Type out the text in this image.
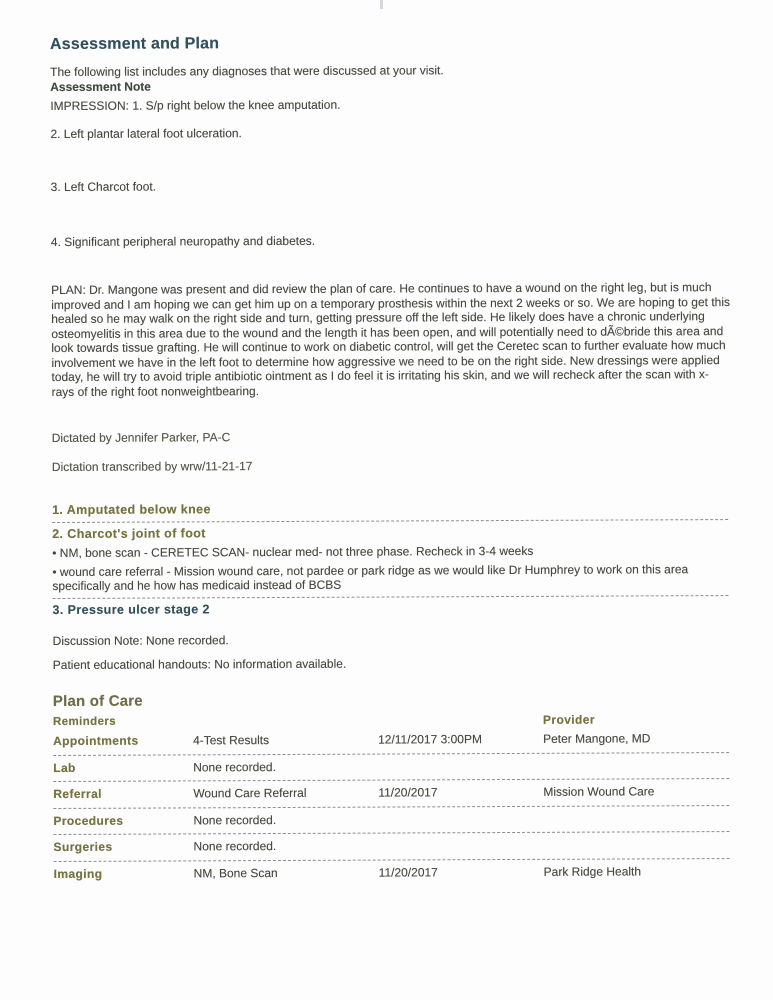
Assessment and Plan

The following list includes any diagnoses that were discussed at your visit.

Assessment Note

IMPRESSION: 1. S/p right below the knee amputation.

2. Left plantar lateral foot ulceration.

3. Left Charcot foot.

4. Significant peripheral neuropathy and diabetes.

PLAN: Dr. Mangone was present and did review the plan of care. He continues to have a wound on the right leg, but is much improved and I am hoping we can get him up on a temporary prosthesis within the next 2 weeks or so. We are hoping to get this healed so he may walk on the right side and turn, getting pressure off the left side. He likely does have a chronic underlying osteomyelitis in this area due to the wound and the length it has been open, and will potentially need to dÃ©bride this area and look towards tissue grafting. He will continue to work on diabetic control, will get the Ceretec scan to further evaluate how much involvement we have in the left foot to determine how aggressive we need to be on the right side. New dressings were applied today, he will try to avoid triple antibiotic ointment as I do feel it is irritating his skin, and we will recheck after the scan with x-rays of the right foot nonweightbearing.

Dictated by Jennifer Parker, PA-C

Dictation transcribed by wrw/11-21-17

1. Amputated below knee
2. Charcot's joint of foot

• NM, bone scan - CERETEC SCAN- nuclear med- not three phase. Recheck in 3-4 weeks

• wound care referral - Mission wound care, not pardee or park ridge as we would like Dr Humphrey to work on this area specifically and he how has medicaid instead of BCBS

3. Pressure ulcer stage 2

Discussion Note: None recorded.

Patient educational handouts: No information available.

Plan of Care
Reminders	Provider
Appointments	4-Test Results	12/11/2017 3:00PM	Peter Mangone, MD
Lab	None recorded.
Referral	Wound Care Referral	11/20/2017	Mission Wound Care
Procedures	None recorded.
Surgeries	None recorded.
Imaging	NM, Bone Scan	11/20/2017	Park Ridge Health
